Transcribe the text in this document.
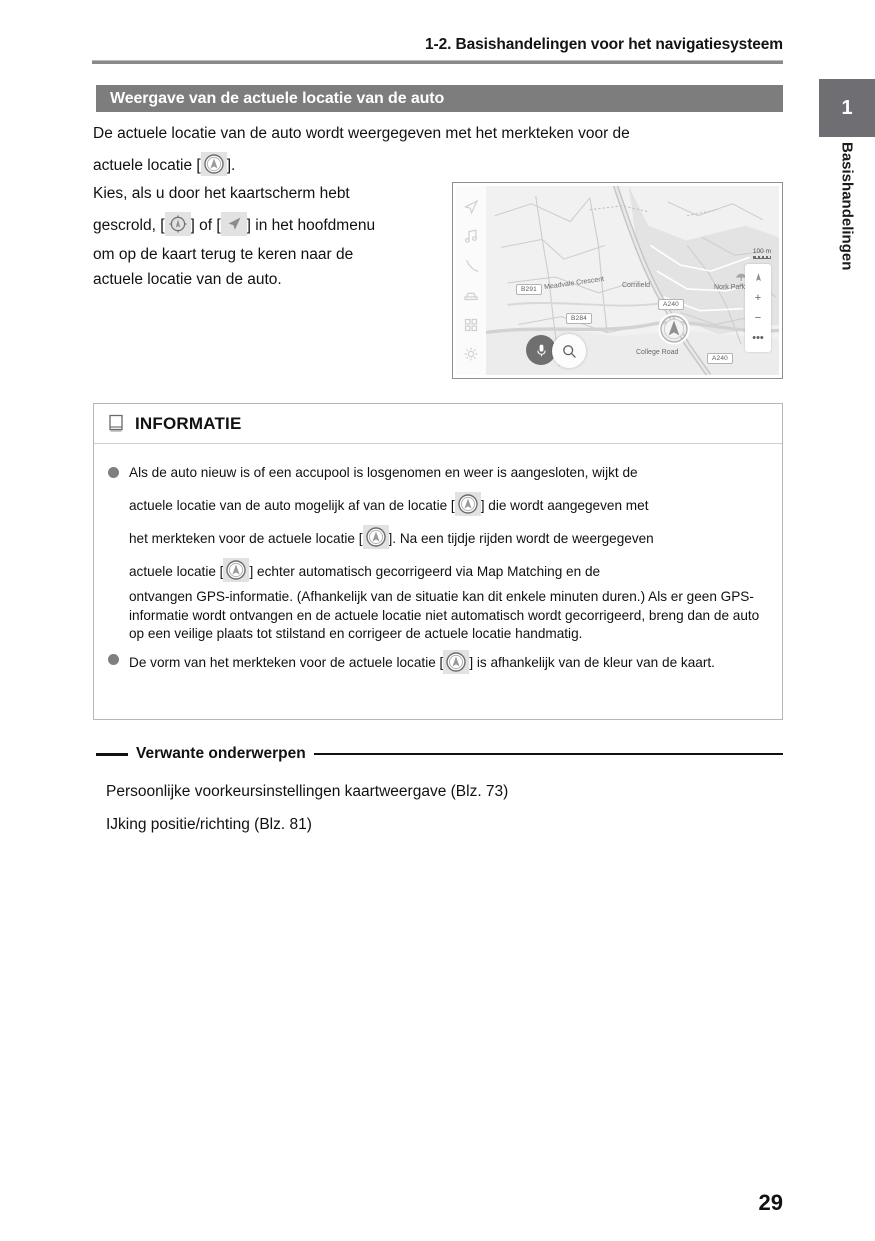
1-2. Basishandelingen voor het navigatiesysteem
1
Basishandelingen
Weergave van de actuele locatie van de auto
De actuele locatie van de auto wordt weergegeven met het merkteken voor de
actuele locatie [ ].
Kies, als u door het kaartscherm hebt
gescrold, [ ] of [ ] in het hoofdmenu
om op de kaart terug te keren naar de
actuele locatie van de auto.
B291
B284
A240
A240
College Road
Nork Park
Meadvale Crescent Cornfield
100 m
+
−
•••
INFORMATIE
Als de auto nieuw is of een accupool is losgenomen en weer is aangesloten, wijkt de
actuele locatie van de auto mogelijk af van de locatie [ ] die wordt aangegeven met
het merkteken voor de actuele locatie [ ]. Na een tijdje rijden wordt de weergegeven
actuele locatie [ ] echter automatisch gecorrigeerd via Map Matching en de
ontvangen GPS-informatie. (Afhankelijk van de situatie kan dit enkele minuten duren.) Als er geen GPS-informatie wordt ontvangen en de actuele locatie niet automatisch wordt gecorrigeerd, breng dan de auto op een veilige plaats tot stilstand en corrigeer de actuele locatie handmatig.
De vorm van het merkteken voor de actuele locatie [ ] is afhankelijk van de kleur van de kaart.
Verwante onderwerpen
Persoonlijke voorkeursinstellingen kaartweergave (Blz. 73)
IJking positie/richting (Blz. 81)
29
